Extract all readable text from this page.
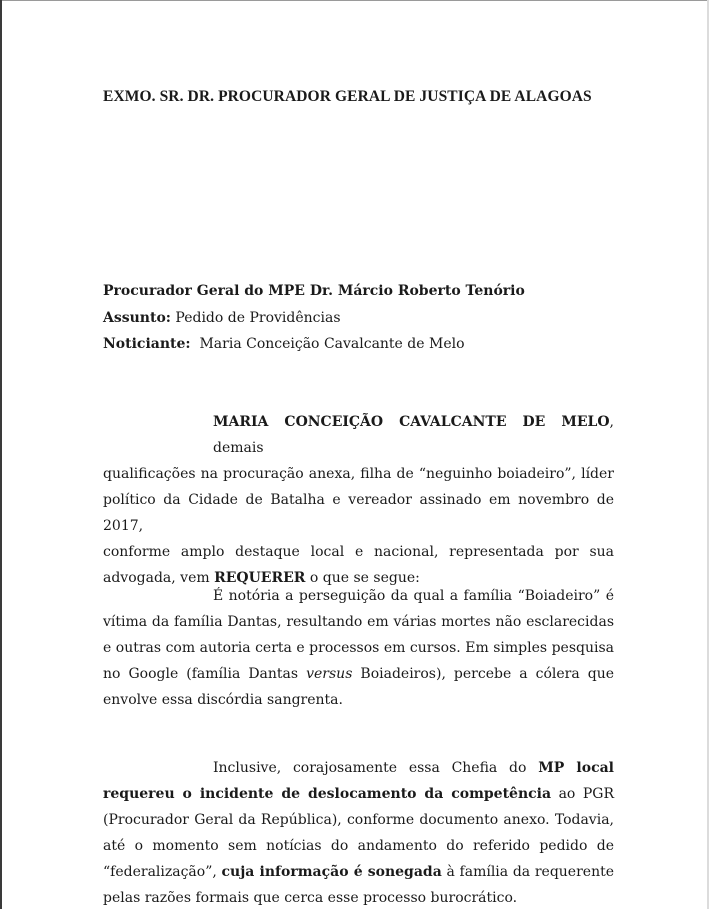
EXMO. SR. DR. PROCURADOR GERAL DE JUSTIÇA DE ALAGOAS
Procurador Geral do MPE Dr. Márcio Roberto Tenório
Assunto: Pedido de Providências
Noticiante:  Maria Conceição Cavalcante de Melo
MARIA CONCEIÇÃO CAVALCANTE DE MELO, demais
qualificações na procuração anexa, filha de “neguinho boiadeiro”, líder
político da Cidade de Batalha e vereador assinado em novembro de 2017,
conforme amplo destaque local e nacional, representada por sua
advogada, vem REQUERER o que se segue:
É notória a perseguição da qual a família “Boiadeiro” é
vítima da família Dantas, resultando em várias mortes não esclarecidas
e outras com autoria certa e processos em cursos. Em simples pesquisa
no Google (família Dantas versus Boiadeiros), percebe a cólera que
envolve essa discórdia sangrenta.
Inclusive, corajosamente essa Chefia do MP local
requereu o incidente de deslocamento da competência ao PGR
(Procurador Geral da República), conforme documento anexo. Todavia,
até o momento sem notícias do andamento do referido pedido de
“federalização”, cuja informação é sonegada à família da requerente
pelas razões formais que cerca esse processo burocrático.
